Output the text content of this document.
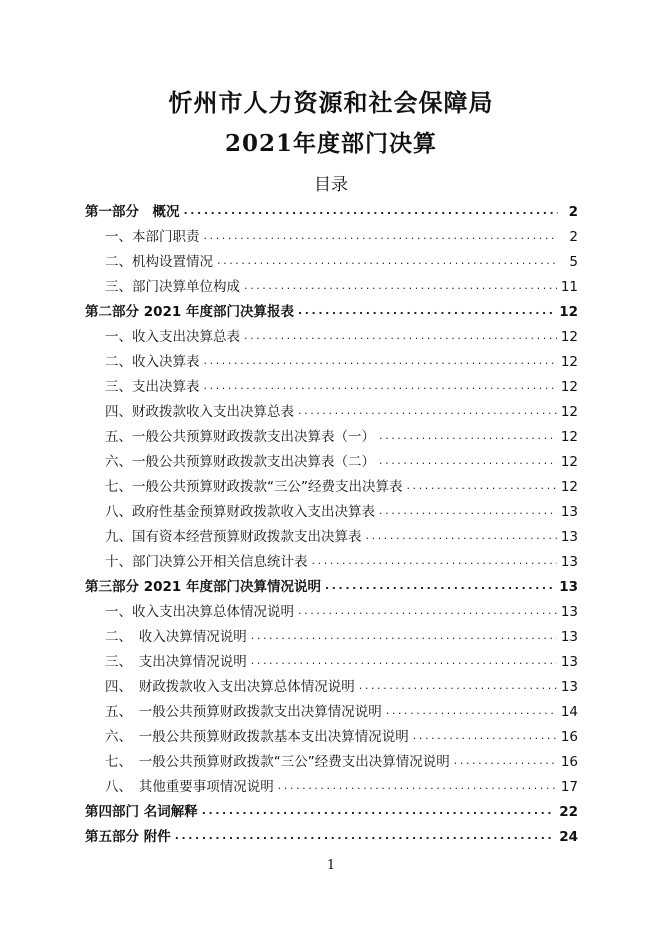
忻州市人力资源和社会保障局
2021年度部门决算
目录
第一部分　概况 .....	2
一、本部门职责 .....	2
二、机构设置情况 .....	5
三、部门决算单位构成 .....	11
第二部分 2021 年度部门决算报表 .....	12
一、收入支出决算总表 .....	12
二、收入决算表 .....	12
三、支出决算表 .....	12
四、财政拨款收入支出决算总表 .....	12
五、一般公共预算财政拨款支出决算表（一） .....	12
六、一般公共预算财政拨款支出决算表（二） .....	12
七、一般公共预算财政拨款“三公”经费支出决算表 .....	12
八、政府性基金预算财政拨款收入支出决算表 .....	13
九、国有资本经营预算财政拨款支出决算表 .....	13
十、部门决算公开相关信息统计表 .....	13
第三部分 2021 年度部门决算情况说明 .....	13
一、收入支出决算总体情况说明 .....	13
二、　收入决算情况说明 .....	13
三、　支出决算情况说明 .....	13
四、　财政拨款收入支出决算总体情况说明 .....	13
五、　一般公共预算财政拨款支出决算情况说明 .....	14
六、　一般公共预算财政拨款基本支出决算情况说明 .....	16
七、　一般公共预算财政拨款“三公”经费支出决算情况说明 .....	16
八、　其他重要事项情况说明 .....	17
第四部门 名词解释 .....	22
第五部分 附件 .....	24
1
